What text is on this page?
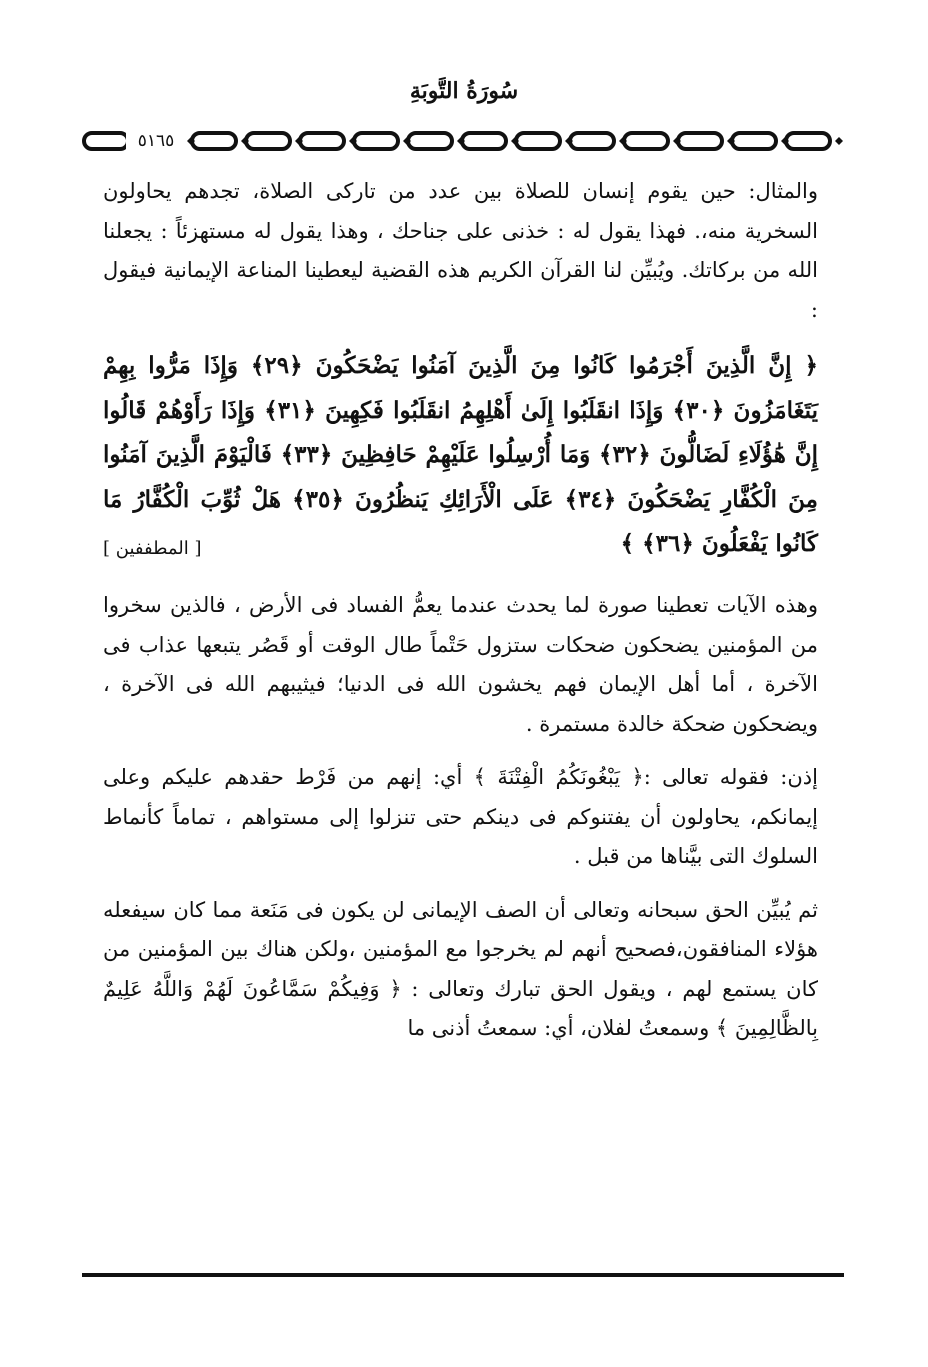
سُورَةُ التَّوبَةِ
٥١٦٥

والمثال: حين يقوم إنسان للصلاة بين عدد من تاركى الصلاة، تجدهم يحاولون السخرية منه،. فهذا يقول له : خذنى على جناحك ، وهذا يقول له مستهزئاً : يجعلنا الله من بركاتك. ويُبيِّن لنا القرآن الكريم هذه القضية ليعطينا المناعة الإيمانية فيقول :

﴿ إِنَّ الَّذِينَ أَجْرَمُوا كَانُوا مِنَ الَّذِينَ آمَنُوا يَضْحَكُونَ ﴿٢٩﴾ وَإِذَا مَرُّوا بِهِمْ يَتَغَامَزُونَ ﴿٣٠﴾ وَإِذَا انقَلَبُوا إِلَىٰ أَهْلِهِمُ انقَلَبُوا فَكِهِينَ ﴿٣١﴾ وَإِذَا رَأَوْهُمْ قَالُوا إِنَّ هَٰؤُلَاءِ لَضَالُّونَ ﴿٣٢﴾ وَمَا أُرْسِلُوا عَلَيْهِمْ حَافِظِينَ ﴿٣٣﴾ فَالْيَوْمَ الَّذِينَ آمَنُوا مِنَ الْكُفَّارِ يَضْحَكُونَ ﴿٣٤﴾ عَلَى الْأَرَائِكِ يَنظُرُونَ ﴿٣٥﴾ هَلْ ثُوِّبَ الْكُفَّارُ مَا كَانُوا يَفْعَلُونَ ﴿٣٦﴾ ﴾

[ المطففين ]

وهذه الآيات تعطينا صورة لما يحدث عندما يعمُّ الفساد فى الأرض ، فالذين سخروا من المؤمنين يضحكون ضحكات ستزول حَتْماً طال الوقت أو قَصُر يتبعها عذاب فى الآخرة ، أما أهل الإيمان فهم يخشون الله فى الدنيا؛ فيثيبهم الله فى الآخرة ، ويضحكون ضحكة خالدة مستمرة .

إذن: فقوله تعالى :﴿ يَبْغُونَكُمُ الْفِتْنَةَ ﴾ أي: إنهم من فَرْط حقدهم عليكم وعلى إيمانكم، يحاولون أن يفتنوكم فى دينكم حتى تنزلوا إلى مستواهم ، تماماً كأنماط السلوك التى بيَّناها من قبل .

ثم يُبيِّن الحق سبحانه وتعالى أن الصف الإيمانى لن يكون فى مَنَعة مما كان سيفعله هؤلاء المنافقون،فصحيح أنهم لم يخرجوا مع المؤمنين ،ولكن هناك بين المؤمنين من كان يستمع لهم ، ويقول الحق تبارك وتعالى : ﴿ وَفِيكُمْ سَمَّاعُونَ لَهُمْ وَاللَّهُ عَلِيمٌ بِالظَّالِمِينَ ﴾ وسمعتُ لفلان، أي: سمعتُ أذنى ما
